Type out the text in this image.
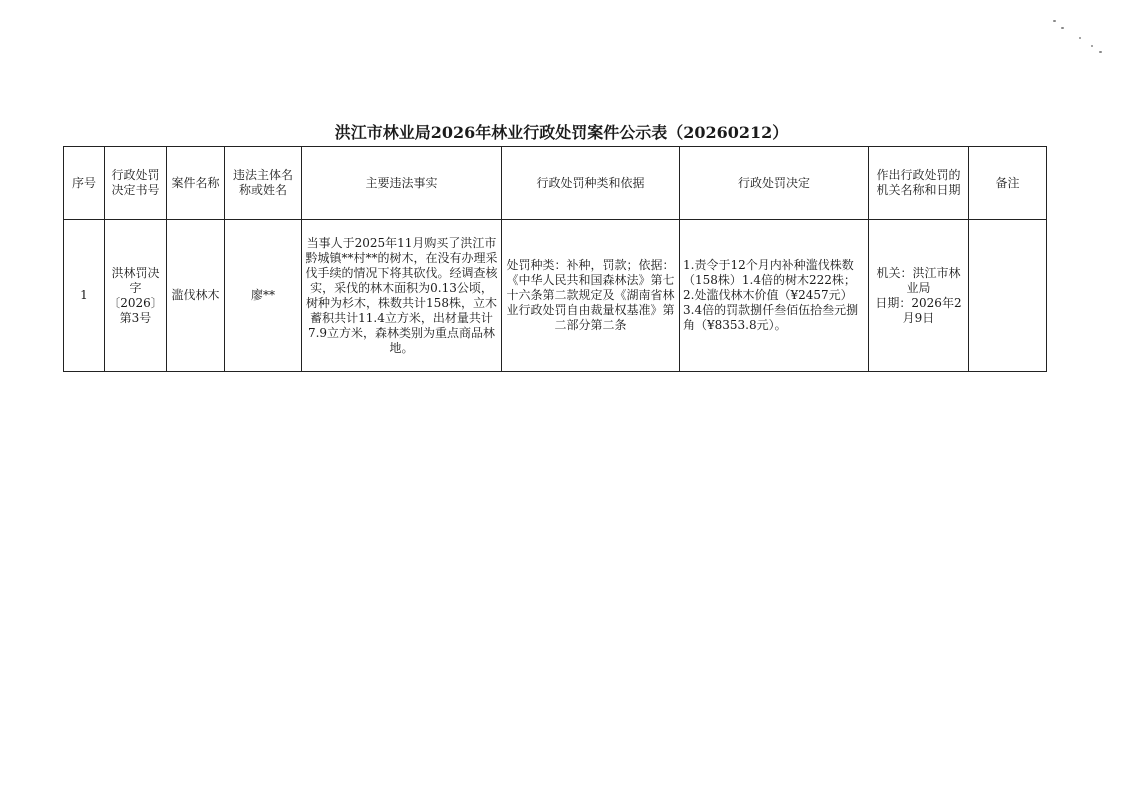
洪江市林业局2026年林业行政处罚案件公示表（20260212）
序号	行政处罚决定书号	案件名称	违法主体名称或姓名	主要违法事实	行政处罚种类和依据	行政处罚决定	作出行政处罚的机关名称和日期	备注
1	洪林罚决字〔2026〕第3号	滥伐林木	廖**	当事人于2025年11月购买了洪江市黔城镇**村**的树木，在没有办理采伐手续的情况下将其砍伐。经调查核实，采伐的林木面积为0.13公顷，树种为杉木，株数共计158株，立木蓄积共计11.4立方米，出材量共计7.9立方米，森林类别为重点商品林地。	处罚种类：补种，罚款；依据：《中华人民共和国森林法》第七十六条第二款规定及《湖南省林业行政处罚自由裁量权基准》第二部分第二条	1.责令于12个月内补种滥伐株数（158株）1.4倍的树木222株；2.处滥伐林木价值（¥2457元）3.4倍的罚款捌仟叁佰伍拾叁元捌角（¥8353.8元）。	机关：洪江市林业局
日期：2026年2月9日	
